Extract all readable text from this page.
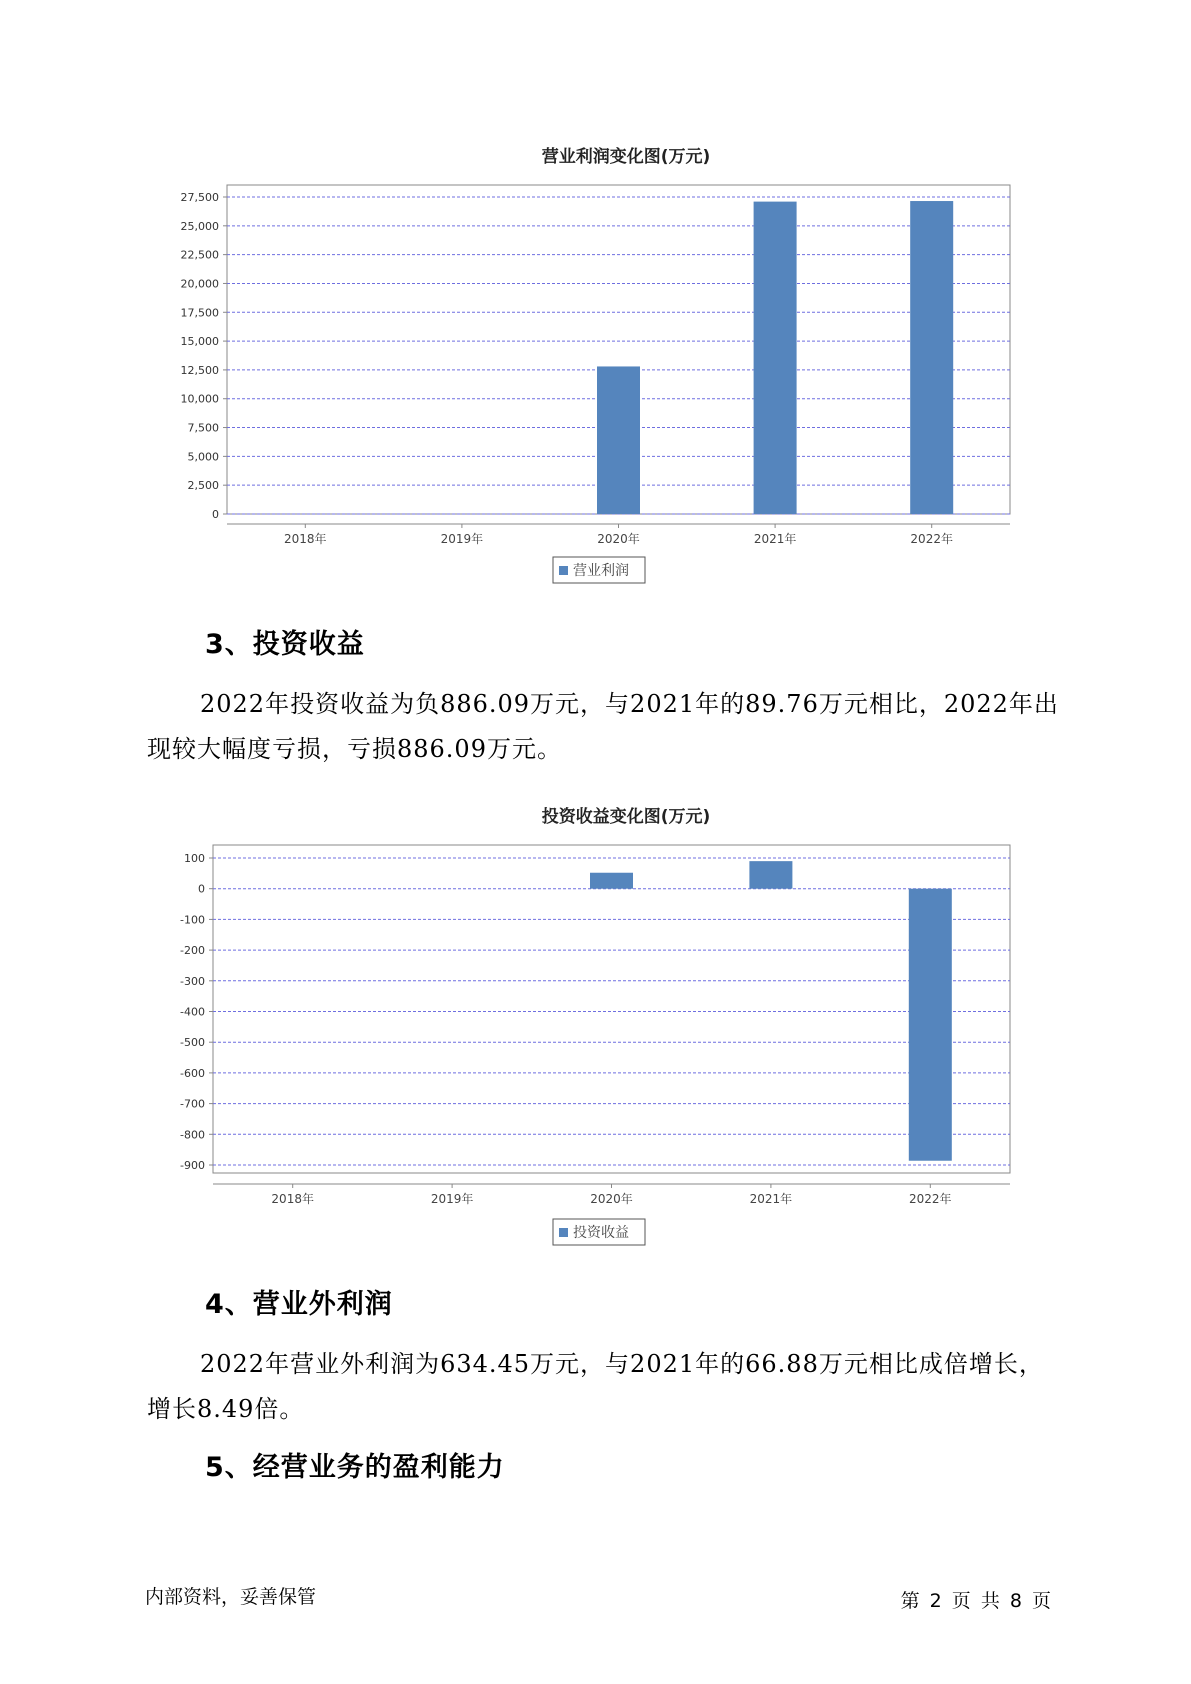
营业利润变化图(万元)
0
2,500
5,000
7,500
10,000
12,500
15,000
17,500
20,000
22,500
25,000
27,500
2018年	2019年	2020年	2021年	2022年
营业利润
3、投资收益

2022年投资收益为负886.09万元，与2021年的89.76万元相比，2022年出现较大幅度亏损，亏损886.09万元。

投资收益变化图(万元)
100
0
-100
-200
-300
-400
-500
-600
-700
-800
-900
2018年	2019年	2020年	2021年	2022年
投资收益
4、营业外利润

2022年营业外利润为634.45万元，与2021年的66.88万元相比成倍增长，增长8.49倍。

5、经营业务的盈利能力
内部资料，妥善保管	第 2 页 共 8 页
